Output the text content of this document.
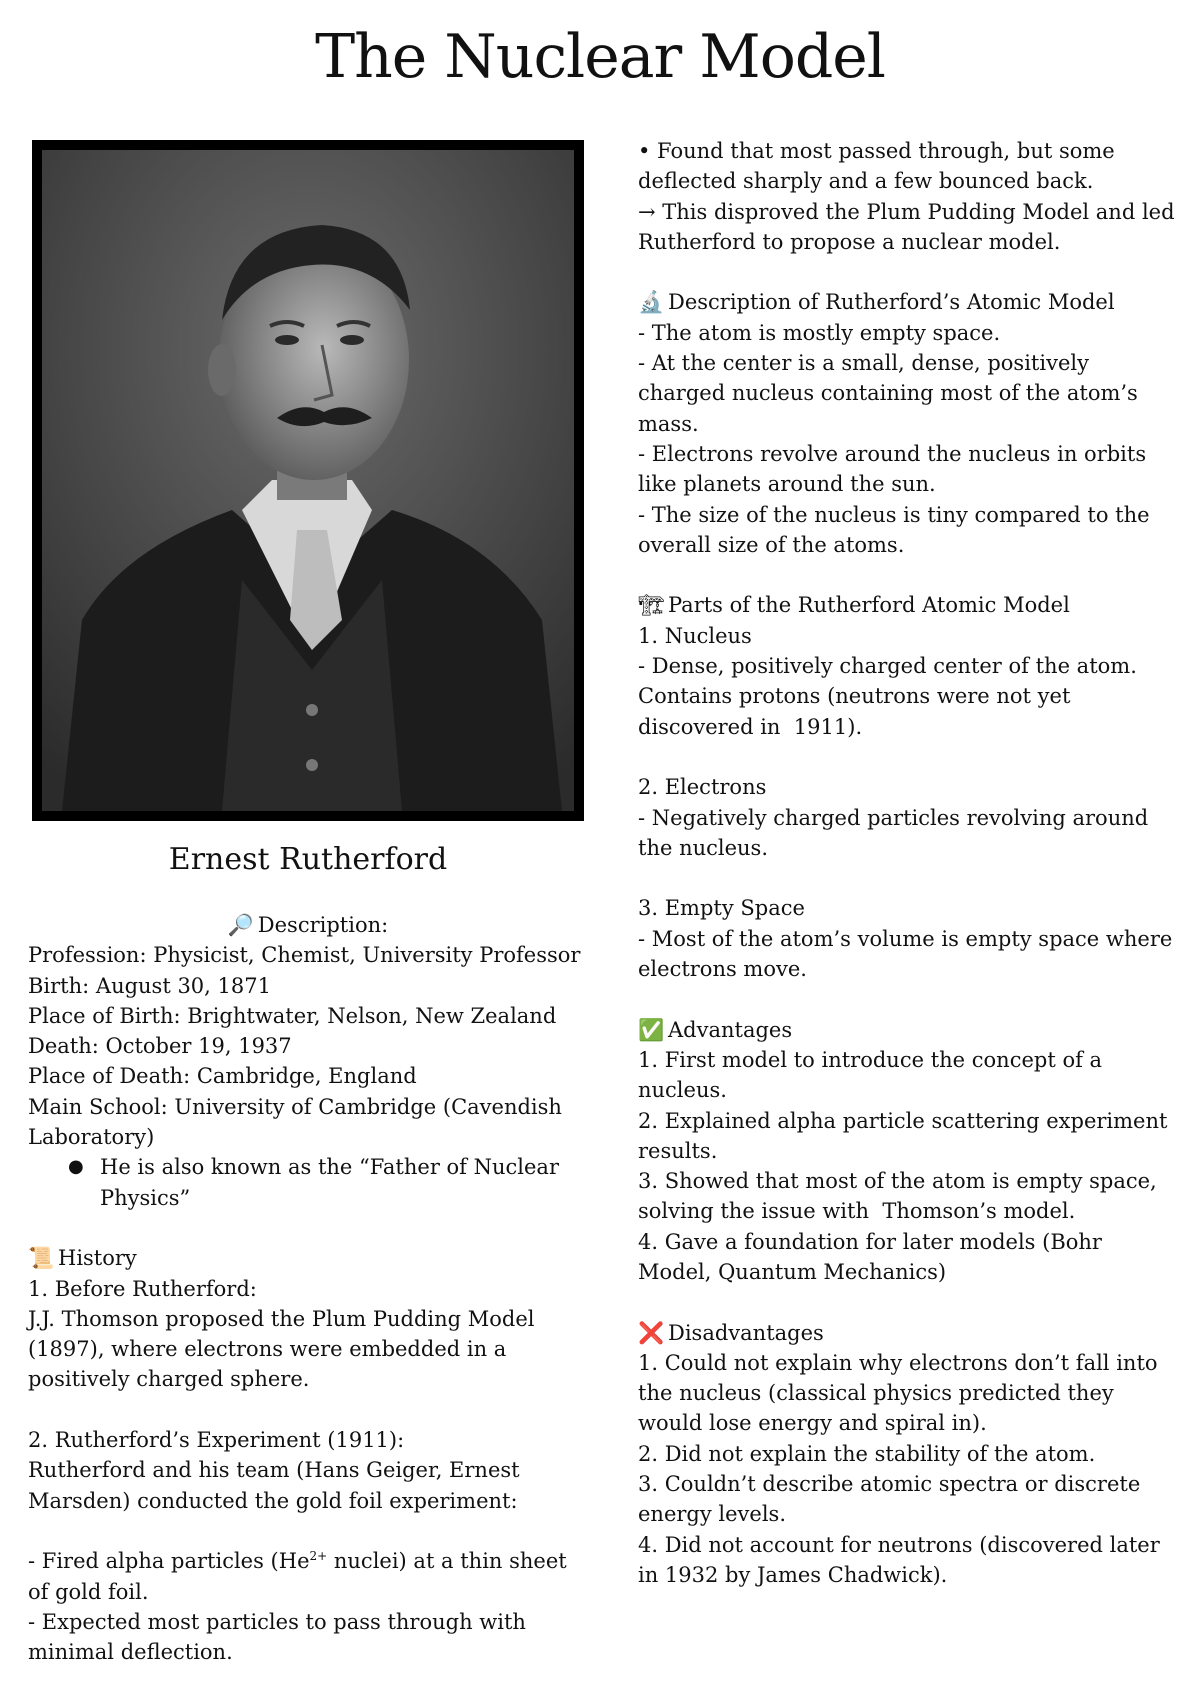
The Nuclear Model

Ernest Rutherford

🔎 Description:
Profession: Physicist, Chemist, University Professor
Birth: August 30, 1871
Place of Birth: Brightwater, Nelson, New Zealand
Death: October 19, 1937
Place of Death: Cambridge, England
Main School: University of Cambridge (Cavendish Laboratory)
● He is also known as the “Father of Nuclear Physics”
📜 History
1. Before Rutherford:
J.J. Thomson proposed the Plum Pudding Model (1897), where electrons were embedded in a positively charged sphere.
2. Rutherford’s Experiment (1911):
Rutherford and his team (Hans Geiger, Ernest Marsden) conducted the gold foil experiment:
- Fired alpha particles ($He^{2+}$ nuclei) at a thin sheet of gold foil.
- Expected most particles to pass through with minimal deflection.
• Found that most passed through, but some deflected sharply and a few bounced back.
→ This disproved the Plum Pudding Model and led Rutherford to propose a nuclear model.
🔬 Description of Rutherford’s Atomic Model
- The atom is mostly empty space.
- At the center is a small, dense, positively charged nucleus containing most of the atom’s mass.
- Electrons revolve around the nucleus in orbits like planets around the sun.
- The size of the nucleus is tiny compared to the overall size of the atoms.
🏗 Parts of the Rutherford Atomic Model
1. Nucleus
- Dense, positively charged center of the atom. Contains protons (neutrons were not yet discovered in  1911).
2. Electrons
- Negatively charged particles revolving around the nucleus.
3. Empty Space
- Most of the atom’s volume is empty space where electrons move.
✅ Advantages
1. First model to introduce the concept of a nucleus.
2. Explained alpha particle scattering experiment results.
3. Showed that most of the atom is empty space, solving the issue with  Thomson’s model.
4. Gave a foundation for later models (Bohr Model, Quantum Mechanics)
❌ Disadvantages
1. Could not explain why electrons don’t fall into the nucleus (classical physics predicted they would lose energy and spiral in).
2. Did not explain the stability of the atom.
3. Couldn’t describe atomic spectra or discrete energy levels.
4. Did not account for neutrons (discovered later in 1932 by James Chadwick).
